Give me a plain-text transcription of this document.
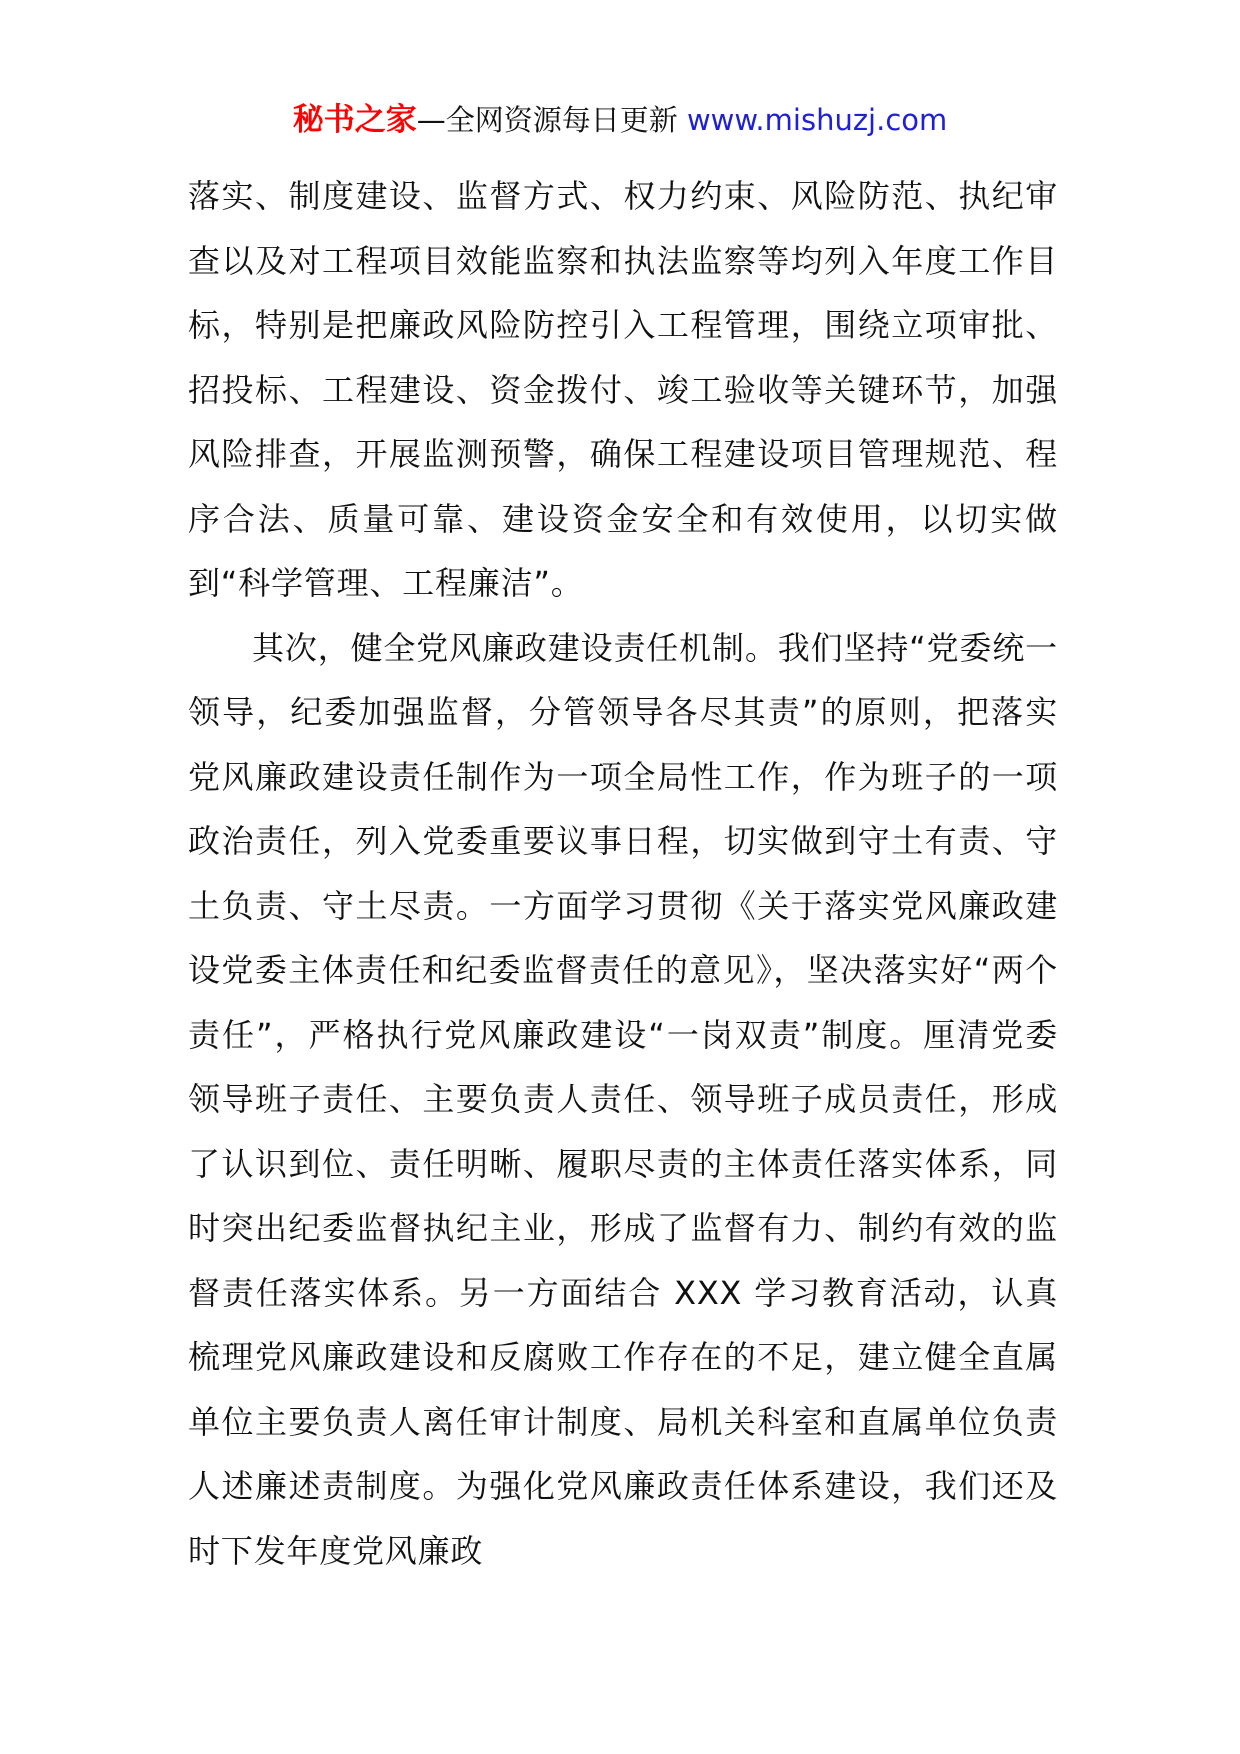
秘书之家—全网资源每日更新 www.mishuzj.com

落实、制度建设、监督方式、权力约束、风险防范、执纪审查以及对工程项目效能监察和执法监察等均列入年度工作目标，特别是把廉政风险防控引入工程管理，围绕立项审批、招投标、工程建设、资金拨付、竣工验收等关键环节，加强风险排查，开展监测预警，确保工程建设项目管理规范、程序合法、质量可靠、建设资金安全和有效使用，以切实做到“科学管理、工程廉洁”。

其次，健全党风廉政建设责任机制。我们坚持“党委统一领导，纪委加强监督，分管领导各尽其责”的原则，把落实党风廉政建设责任制作为一项全局性工作，作为班子的一项政治责任，列入党委重要议事日程，切实做到守土有责、守土负责、守土尽责。一方面学习贯彻《关于落实党风廉政建设党委主体责任和纪委监督责任的意见》，坚决落实好“两个责任”，严格执行党风廉政建设“一岗双责”制度。厘清党委领导班子责任、主要负责人责任、领导班子成员责任，形成了认识到位、责任明晰、履职尽责的主体责任落实体系，同时突出纪委监督执纪主业，形成了监督有力、制约有效的监督责任落实体系。另一方面结合 XXX 学习教育活动，认真梳理党风廉政建设和反腐败工作存在的不足，建立健全直属单位主要负责人离任审计制度、局机关科室和直属单位负责人述廉述责制度。为强化党风廉政责任体系建设，我们还及时下发年度党风廉政
